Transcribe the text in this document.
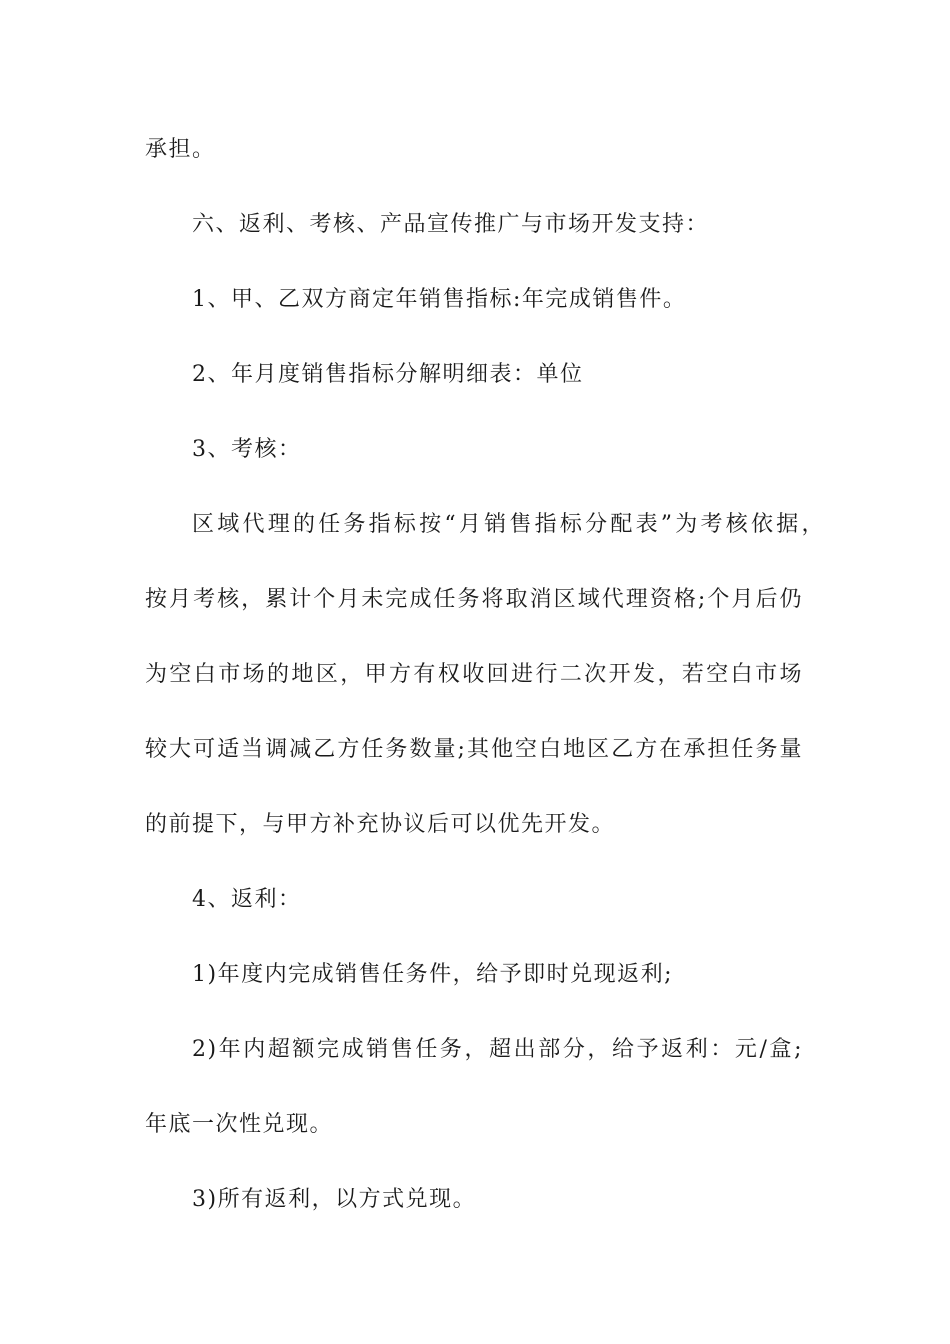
承担。
六、返利、考核、产品宣传推广与市场开发支持：
1、甲、乙双方商定年销售指标:年完成销售件。
2、年月度销售指标分解明细表：单位
3、考核：
区域代理的任务指标按“月销售指标分配表”为考核依据，
按月考核，累计个月未完成任务将取消区域代理资格;个月后仍
为空白市场的地区，甲方有权收回进行二次开发，若空白市场
较大可适当调减乙方任务数量;其他空白地区乙方在承担任务量
的前提下，与甲方补充协议后可以优先开发。
4、返利：
1)年度内完成销售任务件，给予即时兑现返利;
2)年内超额完成销售任务，超出部分，给予返利：元/盒;
年底一次性兑现。
3)所有返利，以方式兑现。
